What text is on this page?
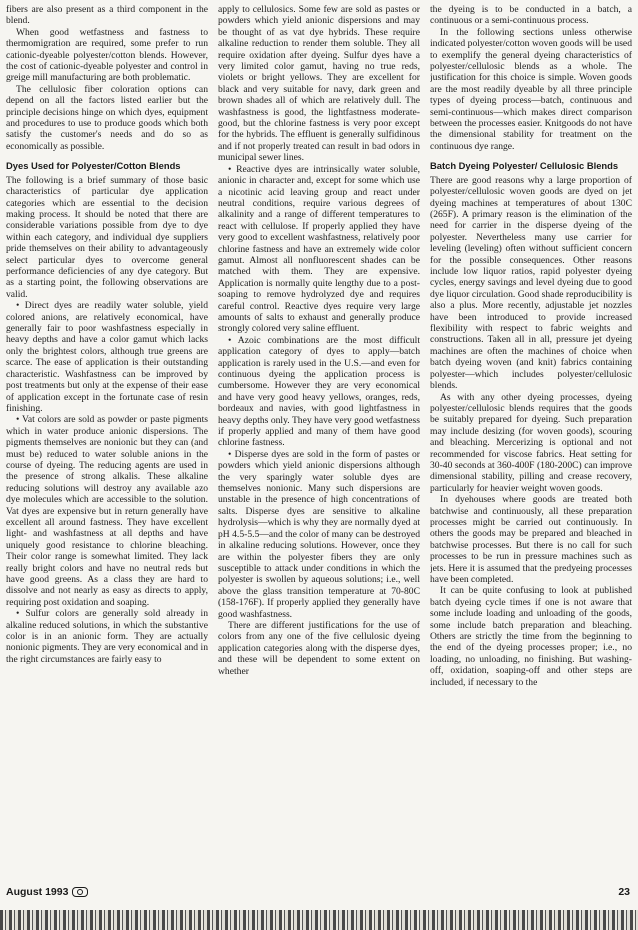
fibers are also present as a third component in the blend.

When good wetfastness and fastness to thermomigration are required, some prefer to run cationic-dyeable polyester/cotton blends. However, the cost of cationic-dyeable polyester and control in greige mill manufacturing are both problematic.

The cellulosic fiber coloration options can depend on all the factors listed earlier but the principle decisions hinge on which dyes, equipment and procedures to use to produce goods which both satisfy the customer's needs and do so as economically as possible.

Dyes Used for Polyester/Cotton Blends

The following is a brief summary of those basic characteristics of particular dye application categories which are essential to the decision making process. It should be noted that there are considerable variations possible from dye to dye within each category, and individual dye suppliers pride themselves on their ability to advantageously select particular dyes to overcome general performance deficiencies of any dye category. But as a starting point, the following observations are valid.

• Direct dyes are readily water soluble, yield colored anions, are relatively economical, have generally fair to poor washfastness especially in heavy depths and have a color gamut which lacks only the brightest colors, although true greens are scarce. The ease of application is their outstanding characteristic. Washfastness can be improved by post treatments but only at the expense of their ease of application except in the fortunate case of resin finishing.

• Vat colors are sold as powder or paste pigments which in water produce anionic dispersions. The pigments themselves are nonionic but they can (and must be) reduced to water soluble anions in the course of dyeing. The reducing agents are used in the presence of strong alkalis. These alkaline reducing solutions will destroy any available azo dye molecules which are accessible to the solution. Vat dyes are expensive but in return generally have excellent all around fastness. They have excellent light- and washfastness at all depths and have uniquely good resistance to chlorine bleaching. Their color range is somewhat limited. They lack really bright colors and have no neutral reds but have good greens. As a class they are hard to dissolve and not nearly as easy as directs to apply, requiring post oxidation and soaping.

• Sulfur colors are generally sold already in alkaline reduced solutions, in which the substantive color is in an anionic form. They are actually nonionic pigments. They are very economical and in the right circumstances are fairly easy to

apply to cellulosics. Some few are sold as pastes or powders which yield anionic dispersions and may be thought of as vat dye hybrids. These require alkaline reduction to render them soluble. They all require oxidation after dyeing. Sulfur dyes have a very limited color gamut, having no true reds, violets or bright yellows. They are excellent for black and very suitable for navy, dark green and brown shades all of which are relatively dull. The washfastness is good, the lightfastness moderate-good, but the chlorine fastness is very poor except for the hybrids. The effluent is generally sulfidinous and if not properly treated can result in bad odors in municipal sewer lines.

• Reactive dyes are intrinsically water soluble, anionic in character and, except for some which use a nicotinic acid leaving group and react under neutral conditions, require various degrees of alkalinity and a range of different temperatures to react with cellulose. If properly applied they have very good to excellent washfastness, relatively poor chlorine fastness and have an extremely wide color gamut. Almost all nonfluorescent shades can be matched with them. They are expensive. Application is normally quite lengthy due to a post-soaping to remove hydrolyzed dye and requires careful control. Reactive dyes require very large amounts of salts to exhaust and generally produce strongly colored very saline effluent.

• Azoic combinations are the most difficult application category of dyes to apply—batch application is rarely used in the U.S.—and even for continuous dyeing the application process is cumbersome. However they are very economical and have very good heavy yellows, oranges, reds, bordeaux and navies, with good lightfastness in heavy depths only. They have very good wetfastness if properly applied and many of them have good chlorine fastness.

• Disperse dyes are sold in the form of pastes or powders which yield anionic dispersions although the very sparingly water soluble dyes are themselves nonionic. Many such dispersions are unstable in the presence of high concentrations of salts. Disperse dyes are sensitive to alkaline hydrolysis—which is why they are normally dyed at pH 4.5-5.5—and the color of many can be destroyed in alkaline reducing solutions. However, once they are within the polyester fibers they are only susceptible to attack under conditions in which the polyester is swollen by aqueous solutions; i.e., well above the glass transition temperature at 70-80C (158-176F). If properly applied they generally have good washfastness.

There are different justifications for the use of colors from any one of the five cellulosic dyeing application categories along with the disperse dyes, and these will be dependent to some extent on whether

the dyeing is to be conducted in a batch, a continuous or a semi-continuous process.

In the following sections unless otherwise indicated polyester/cotton woven goods will be used to exemplify the general dyeing characteristics of polyester/cellulosic blends as a whole. The justification for this choice is simple. Woven goods are the most readily dyeable by all three principle types of dyeing process—batch, continuous and semi-continuous—which makes direct comparison between the processes easier. Knitgoods do not have the dimensional stability for treatment on the continuous dye range.

Batch Dyeing Polyester/ Cellulosic Blends

There are good reasons why a large proportion of polyester/cellulosic woven goods are dyed on jet dyeing machines at temperatures of about 130C (265F). A primary reason is the elimination of the need for carrier in the disperse dyeing of the polyester. Nevertheless many use carrier for leveling (leveling) often without sufficient concern for the possible consequences. Other reasons include low liquor ratios, rapid polyester dyeing cycles, energy savings and level dyeing due to good dye liquor circulation. Good shade reproducibility is also a plus. More recently, adjustable jet nozzles have been introduced to provide increased flexibility with respect to fabric weights and constructions. Taken all in all, pressure jet dyeing machines are often the machines of choice when batch dyeing woven (and knit) fabrics containing polyester—which includes polyester/cellulosic blends.

As with any other dyeing processes, dyeing polyester/cellulosic blends requires that the goods be suitably prepared for dyeing. Such preparation may include desizing (for woven goods), scouring and bleaching. Mercerizing is optional and not recommended for viscose fabrics. Heat setting for 30-40 seconds at 360-400F (180-200C) can improve dimensional stability, pilling and crease recovery, particularly for heavier weight woven goods.

In dyehouses where goods are treated both batchwise and continuously, all these preparation processes might be carried out continuously. In others the goods may be prepared and bleached in batchwise processes. But there is no call for such processes to be run in pressure machines such as jets. Here it is assumed that the predyeing processes have been completed.

It can be quite confusing to look at published batch dyeing cycle times if one is not aware that some include loading and unloading of the goods, some include batch preparation and bleaching. Others are strictly the time from the beginning to the end of the dyeing processes proper; i.e., no loading, no unloading, no finishing. But washing-off, oxidation, soaping-off and other steps are included, if necessary to the

August 1993	23
